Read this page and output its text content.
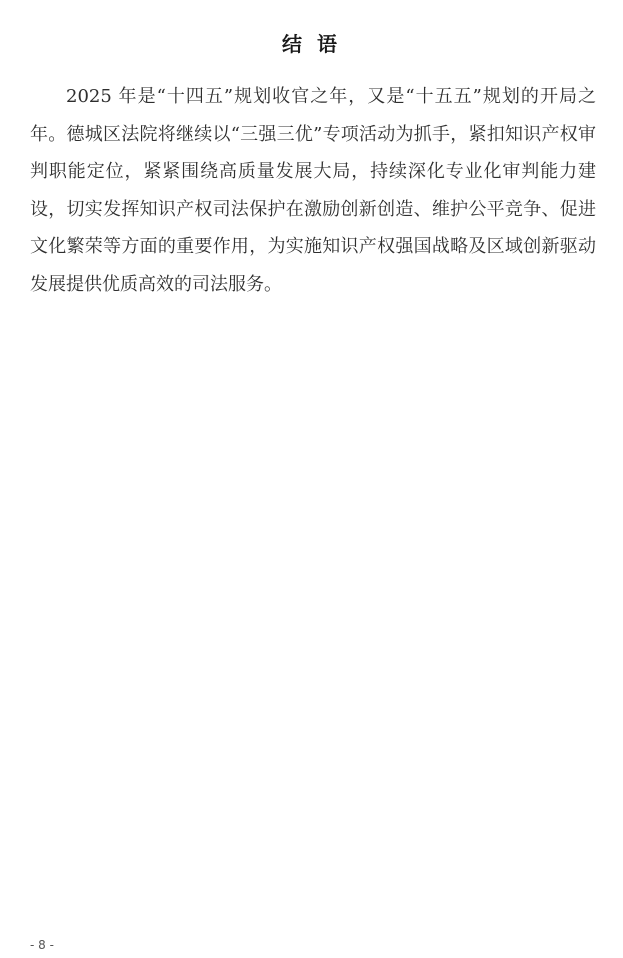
结 语

2025 年是“十四五”规划收官之年，又是“十五五”规划的开局之年。德城区法院将继续以“三强三优”专项活动为抓手，紧扣知识产权审判职能定位，紧紧围绕高质量发展大局，持续深化专业化审判能力建设，切实发挥知识产权司法保护在激励创新创造、维护公平竞争、促进文化繁荣等方面的重要作用，为实施知识产权强国战略及区域创新驱动发展提供优质高效的司法服务。

- 8 -
